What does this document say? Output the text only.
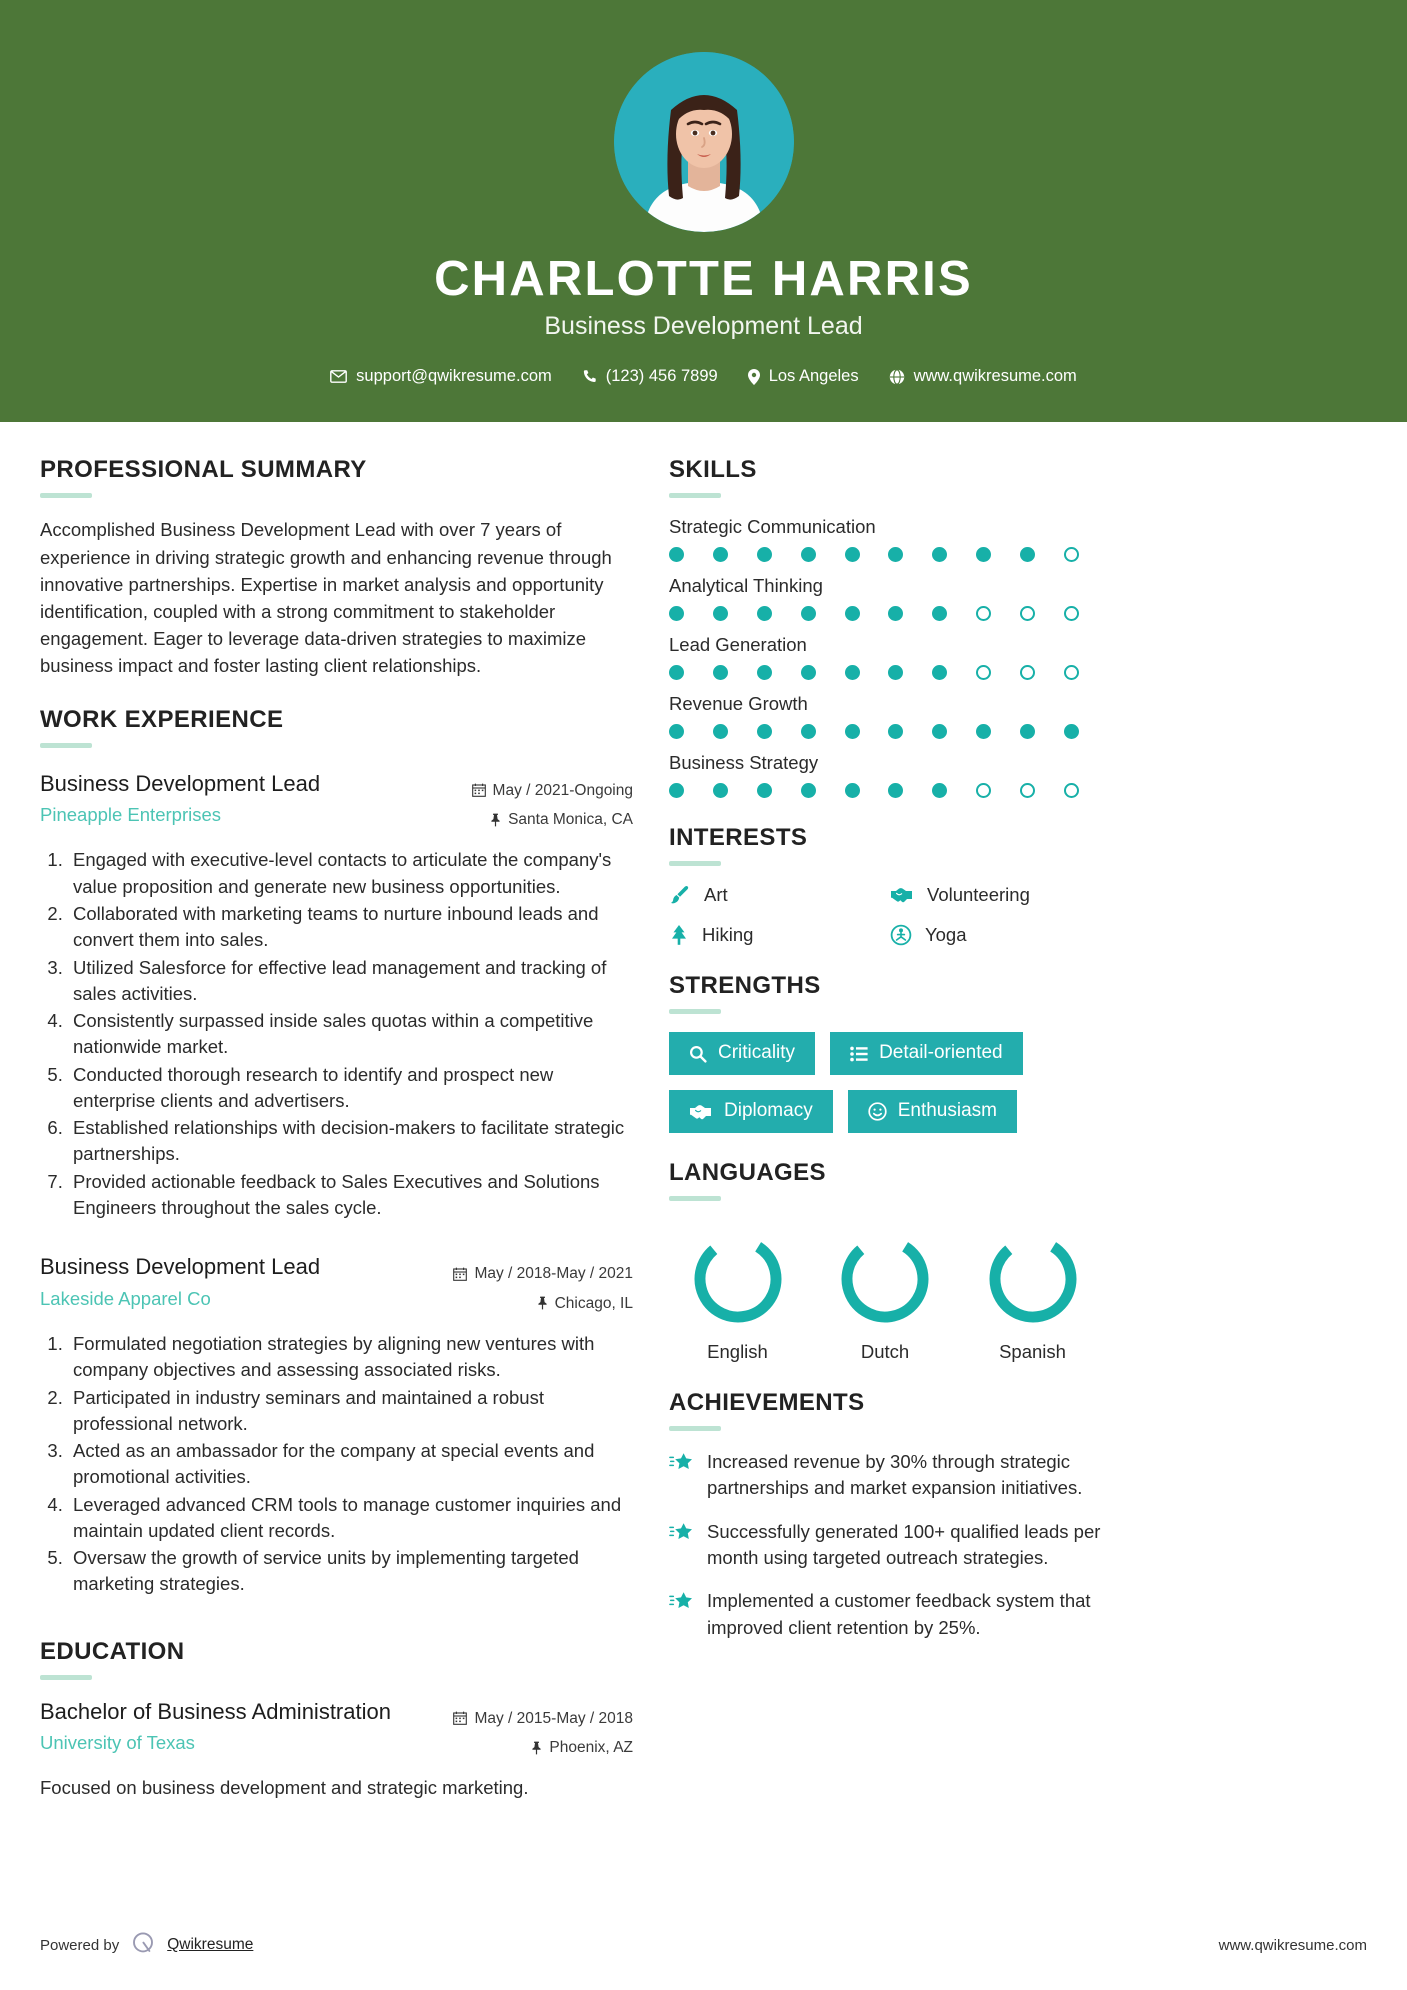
CHARLOTTE HARRIS
Business Development Lead
support@qwikresume.com	(123) 456 7899	Los Angeles	www.qwikresume.com
PROFESSIONAL SUMMARY
Accomplished Business Development Lead with over 7 years of experience in driving strategic growth and enhancing revenue through innovative partnerships. Expertise in market analysis and opportunity identification, coupled with a strong commitment to stakeholder engagement. Eager to leverage data-driven strategies to maximize business impact and foster lasting client relationships.
WORK EXPERIENCE
Business Development Lead
Pineapple Enterprises
May / 2021-Ongoing
Santa Monica, CA
1. Engaged with executive-level contacts to articulate the company's value proposition and generate new business opportunities.
2. Collaborated with marketing teams to nurture inbound leads and convert them into sales.
3. Utilized Salesforce for effective lead management and tracking of sales activities.
4. Consistently surpassed inside sales quotas within a competitive nationwide market.
5. Conducted thorough research to identify and prospect new enterprise clients and advertisers.
6. Established relationships with decision-makers to facilitate strategic partnerships.
7. Provided actionable feedback to Sales Executives and Solutions Engineers throughout the sales cycle.
Business Development Lead
Lakeside Apparel Co
May / 2018-May / 2021
Chicago, IL
1. Formulated negotiation strategies by aligning new ventures with company objectives and assessing associated risks.
2. Participated in industry seminars and maintained a robust professional network.
3. Acted as an ambassador for the company at special events and promotional activities.
4. Leveraged advanced CRM tools to manage customer inquiries and maintain updated client records.
5. Oversaw the growth of service units by implementing targeted marketing strategies.
EDUCATION
Bachelor of Business Administration
University of Texas
May / 2015-May / 2018
Phoenix, AZ
Focused on business development and strategic marketing.
SKILLS
Strategic Communication
Analytical Thinking
Lead Generation
Revenue Growth
Business Strategy
INTERESTS
Art	Volunteering
Hiking	Yoga
STRENGTHS
Criticality	Detail-oriented
Diplomacy	Enthusiasm
LANGUAGES
English	Dutch	Spanish
ACHIEVEMENTS
Increased revenue by 30% through strategic partnerships and market expansion initiatives.
Successfully generated 100+ qualified leads per month using targeted outreach strategies.
Implemented a customer feedback system that improved client retention by 25%.
Powered by	Qwikresume	www.qwikresume.com
